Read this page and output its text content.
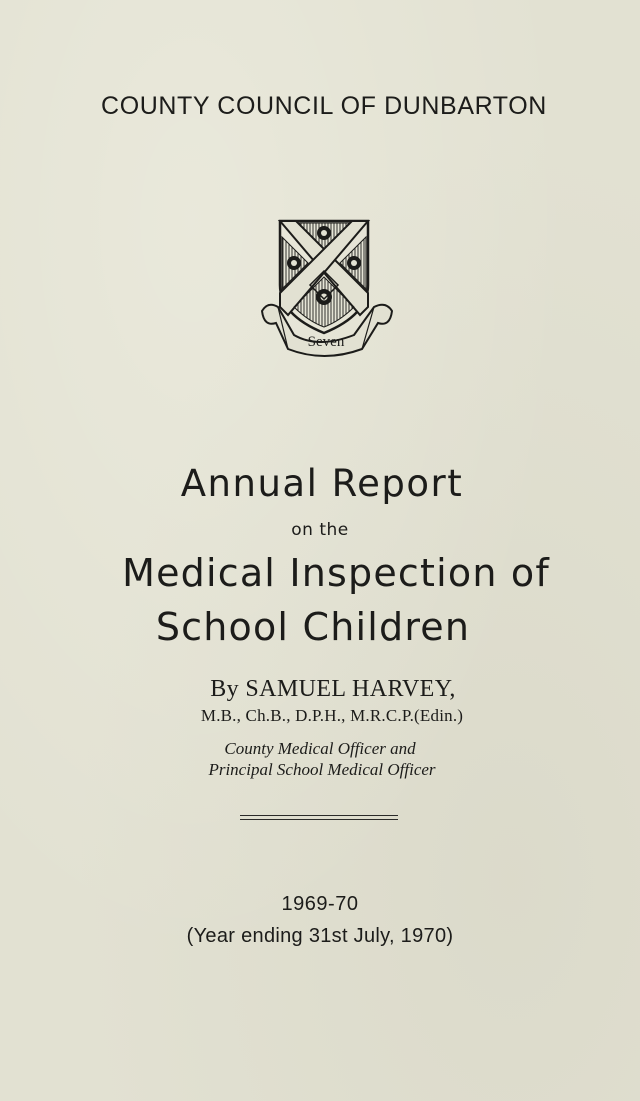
COUNTY COUNCIL OF DUNBARTON
Seven
Annual Report
on the
Medical Inspection of
School Children
By SAMUEL HARVEY,
M.B., Ch.B., D.P.H., M.R.C.P.(Edin.)
County Medical Officer and
Principal School Medical Officer
1969-70
(Year ending 31st July, 1970)
